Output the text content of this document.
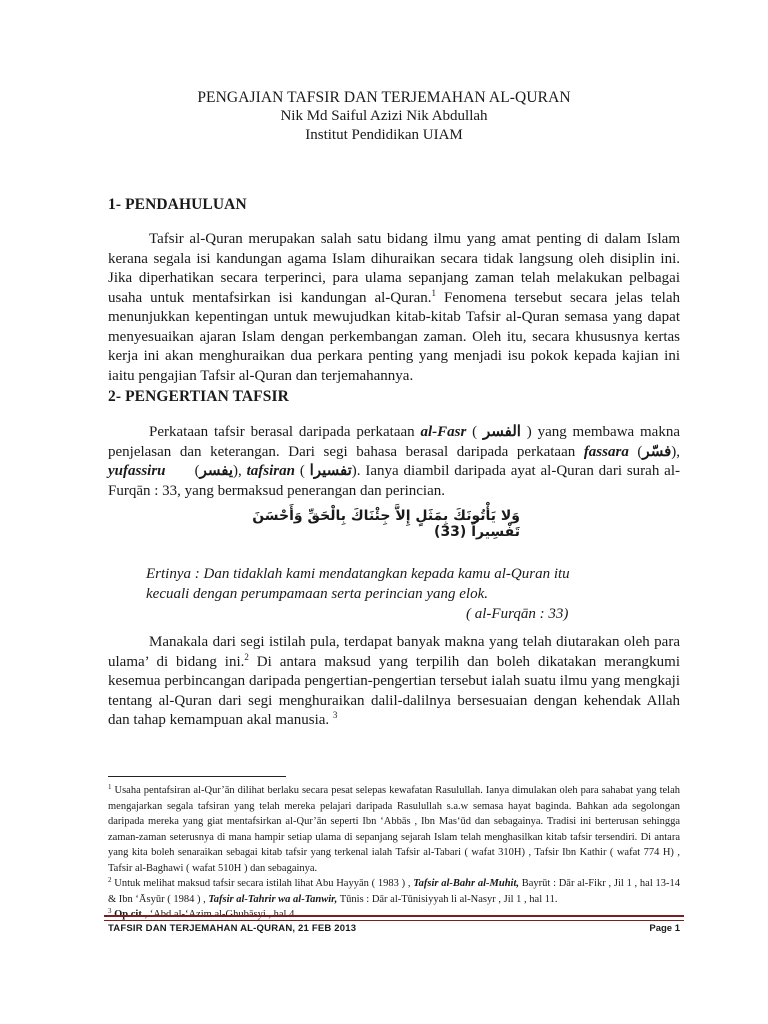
PENGAJIAN TAFSIR DAN TERJEMAHAN AL-QURAN
Nik Md Saiful Azizi Nik Abdullah
Institut Pendidikan UIAM
1- PENDAHULUAN

Tafsir al-Quran merupakan salah satu bidang ilmu yang amat penting di dalam Islam kerana segala isi kandungan agama Islam dihuraikan secara tidak langsung oleh disiplin ini. Jika diperhatikan secara terperinci, para ulama sepanjang zaman telah melakukan pelbagai usaha untuk mentafsirkan isi kandungan al-Quran.$^1$ Fenomena tersebut secara jelas telah menunjukkan kepentingan untuk mewujudkan kitab-kitab Tafsir al-Quran semasa yang dapat menyesuaikan ajaran Islam dengan perkembangan zaman. Oleh itu, secara khususnya kertas kerja ini akan menghuraikan dua perkara penting yang menjadi isu pokok kepada kajian ini iaitu pengajian Tafsir al-Quran dan terjemahannya.

2- PENGERTIAN TAFSIR

Perkataan tafsir berasal daripada perkataan al-Fasr ( الفسر ) yang membawa makna penjelasan dan keterangan. Dari segi bahasa berasal daripada perkataan fassara (فسّر), yufassiru      (يفسر), tafsiran ( تفسيرا). Ianya diambil daripada ayat al-Quran dari surah al-Furqān : 33, yang bermaksud penerangan dan perincian.

وَلا يَأْتُونَكَ بِمَثَلٍ إِلاَّ جِئْنَاكَ بِالْحَقِّ وَأَحْسَنَ تَفْسِيراً (33)
Ertinya : Dan tidaklah kami mendatangkan kepada kamu al-Quran itu
kecuali dengan perumpamaan serta perincian yang elok.
( al-Furqān : 33)

Manakala dari segi istilah pula, terdapat banyak makna yang telah diutarakan oleh para ulama’ di bidang ini.$^2$ Di antara maksud yang terpilih dan boleh dikatakan merangkumi kesemua perbincangan daripada pengertian-pengertian tersebut ialah suatu ilmu yang mengkaji tentang al-Quran dari segi menghuraikan dalil-dalilnya bersesuaian dengan kehendak Allah dan tahap kemampuan akal manusia. $^3$

$^1$ Usaha pentafsiran al-Qur’ān dilihat berlaku secara pesat selepas kewafatan Rasulullah. Ianya dimulakan oleh para sahabat yang telah mengajarkan segala tafsiran yang telah mereka pelajari daripada Rasulullah s.a.w semasa hayat baginda. Bahkan ada segolongan daripada mereka yang giat mentafsirkan al-Qur’ān seperti Ibn ‘Abbās , Ibn Mas‘ūd dan sebagainya. Tradisi ini berterusan sehingga zaman-zaman seterusnya di mana hampir setiap ulama di sepanjang sejarah Islam telah menghasilkan kitab tafsir tersendiri. Di antara yang kita boleh senaraikan sebagai kitab tafsir yang terkenal ialah Tafsir al-Tabari ( wafat 310H) , Tafsir Ibn Kathir ( wafat 774 H) , Tafsir al-Baghawi ( wafat 510H ) dan sebagainya.

$^2$ Untuk melihat maksud tafsir secara istilah lihat Abu Hayyān ( 1983 ) , Tafsir al-Bahr al-Muhit, Bayrūt : Dār al-Fikr , Jil 1 , hal 13-14 & Ibn ‘Āsyūr ( 1984 ) , Tafsir al-Tahrir wa al-Tanwir, Tūnis : Dār al-Tūnisiyyah li al-Nasyr , Jil 1 , hal 11.

$^3$ Op.cit , ‘Abd al-‘Azim al-Ghubāsyi , hal 4.

TAFSIR DAN TERJEMAHAN AL-QURAN, 21 FEB 2013	Page 1
